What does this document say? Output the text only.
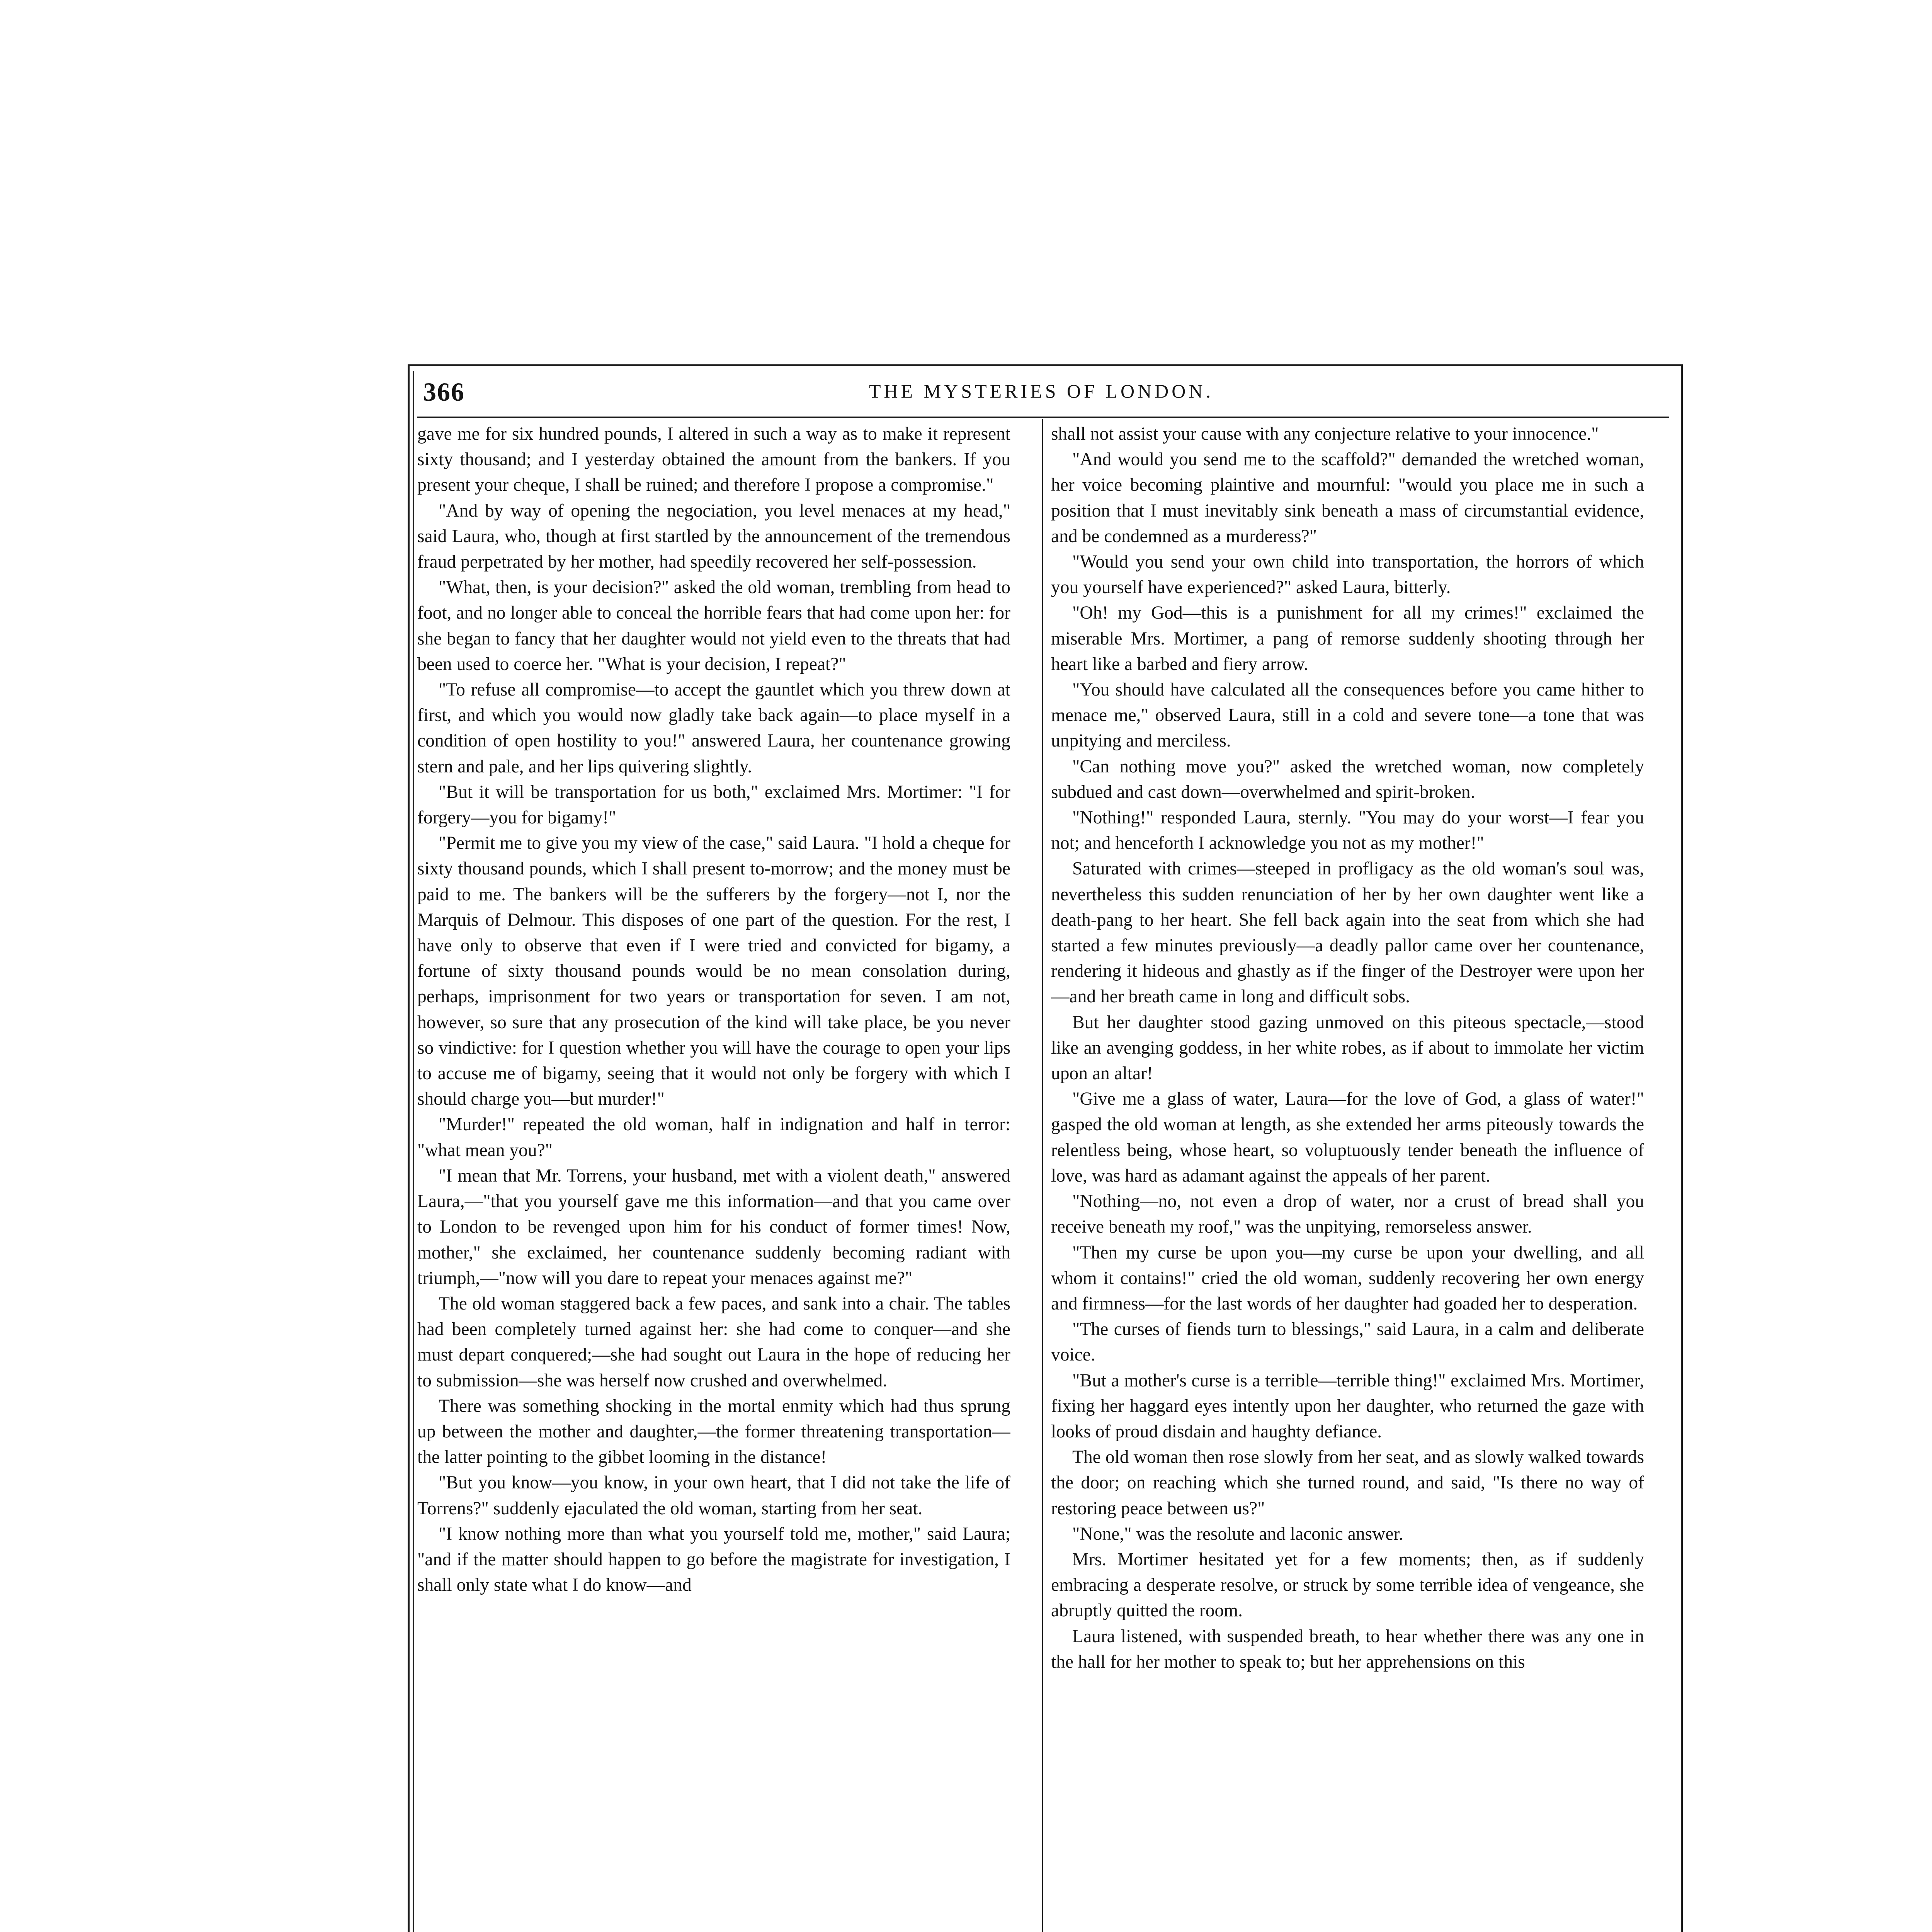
366	THE MYSTERIES OF LONDON.

gave me for six hundred pounds, I altered in such a way as to make it represent sixty thousand; and I yesterday obtained the amount from the bankers. If you present your cheque, I shall be ruined; and therefore I propose a compromise."

"And by way of opening the negociation, you level menaces at my head," said Laura, who, though at first startled by the announcement of the tremendous fraud perpetrated by her mother, had speedily recovered her self-possession.

"What, then, is your decision?" asked the old woman, trembling from head to foot, and no longer able to conceal the horrible fears that had come upon her: for she began to fancy that her daughter would not yield even to the threats that had been used to coerce her. "What is your decision, I repeat?"

"To refuse all compromise—to accept the gauntlet which you threw down at first, and which you would now gladly take back again—to place myself in a condition of open hostility to you!" answered Laura, her countenance growing stern and pale, and her lips quivering slightly.

"But it will be transportation for us both," exclaimed Mrs. Mortimer: "I for forgery—you for bigamy!"

"Permit me to give you my view of the case," said Laura. "I hold a cheque for sixty thousand pounds, which I shall present to-morrow; and the money must be paid to me. The bankers will be the sufferers by the forgery—not I, nor the Marquis of Delmour. This disposes of one part of the question. For the rest, I have only to observe that even if I were tried and convicted for bigamy, a fortune of sixty thousand pounds would be no mean consolation during, perhaps, imprisonment for two years or transportation for seven. I am not, however, so sure that any prosecution of the kind will take place, be you never so vindictive: for I question whether you will have the courage to open your lips to accuse me of bigamy, seeing that it would not only be forgery with which I should charge you—but murder!"

"Murder!" repeated the old woman, half in indignation and half in terror: "what mean you?"

"I mean that Mr. Torrens, your husband, met with a violent death," answered Laura,—"that you yourself gave me this information—and that you came over to London to be revenged upon him for his conduct of former times! Now, mother," she exclaimed, her countenance suddenly becoming radiant with triumph,—"now will you dare to repeat your menaces against me?"

The old woman staggered back a few paces, and sank into a chair. The tables had been completely turned against her: she had come to conquer—and she must depart conquered;—she had sought out Laura in the hope of reducing her to submission—she was herself now crushed and overwhelmed.

There was something shocking in the mortal enmity which had thus sprung up between the mother and daughter,—the former threatening transportation—the latter pointing to the gibbet looming in the distance!

"But you know—you know, in your own heart, that I did not take the life of Torrens?" suddenly ejaculated the old woman, starting from her seat.

"I know nothing more than what you yourself told me, mother," said Laura; "and if the matter should happen to go before the magistrate for investigation, I shall only state what I do know—and

shall not assist your cause with any conjecture relative to your innocence."

"And would you send me to the scaffold?" demanded the wretched woman, her voice becoming plaintive and mournful: "would you place me in such a position that I must inevitably sink beneath a mass of circumstantial evidence, and be condemned as a murderess?"

"Would you send your own child into transportation, the horrors of which you yourself have experienced?" asked Laura, bitterly.

"Oh! my God—this is a punishment for all my crimes!" exclaimed the miserable Mrs. Mortimer, a pang of remorse suddenly shooting through her heart like a barbed and fiery arrow.

"You should have calculated all the consequences before you came hither to menace me," observed Laura, still in a cold and severe tone—a tone that was unpitying and merciless.

"Can nothing move you?" asked the wretched woman, now completely subdued and cast down—overwhelmed and spirit-broken.

"Nothing!" responded Laura, sternly. "You may do your worst—I fear you not; and henceforth I acknowledge you not as my mother!"

Saturated with crimes—steeped in profligacy as the old woman's soul was, nevertheless this sudden renunciation of her by her own daughter went like a death-pang to her heart. She fell back again into the seat from which she had started a few minutes previously—a deadly pallor came over her countenance, rendering it hideous and ghastly as if the finger of the Destroyer were upon her—and her breath came in long and difficult sobs.

But her daughter stood gazing unmoved on this piteous spectacle,—stood like an avenging goddess, in her white robes, as if about to immolate her victim upon an altar!

"Give me a glass of water, Laura—for the love of God, a glass of water!" gasped the old woman at length, as she extended her arms piteously towards the relentless being, whose heart, so voluptuously tender beneath the influence of love, was hard as adamant against the appeals of her parent.

"Nothing—no, not even a drop of water, nor a crust of bread shall you receive beneath my roof," was the unpitying, remorseless answer.

"Then my curse be upon you—my curse be upon your dwelling, and all whom it contains!" cried the old woman, suddenly recovering her own energy and firmness—for the last words of her daughter had goaded her to desperation.

"The curses of fiends turn to blessings," said Laura, in a calm and deliberate voice.

"But a mother's curse is a terrible—terrible thing!" exclaimed Mrs. Mortimer, fixing her haggard eyes intently upon her daughter, who returned the gaze with looks of proud disdain and haughty defiance.

The old woman then rose slowly from her seat, and as slowly walked towards the door; on reaching which she turned round, and said, "Is there no way of restoring peace between us?"

"None," was the resolute and laconic answer.

Mrs. Mortimer hesitated yet for a few moments; then, as if suddenly embracing a desperate resolve, or struck by some terrible idea of vengeance, she abruptly quitted the room.

Laura listened, with suspended breath, to hear whether there was any one in the hall for her mother to speak to; but her apprehensions on this
